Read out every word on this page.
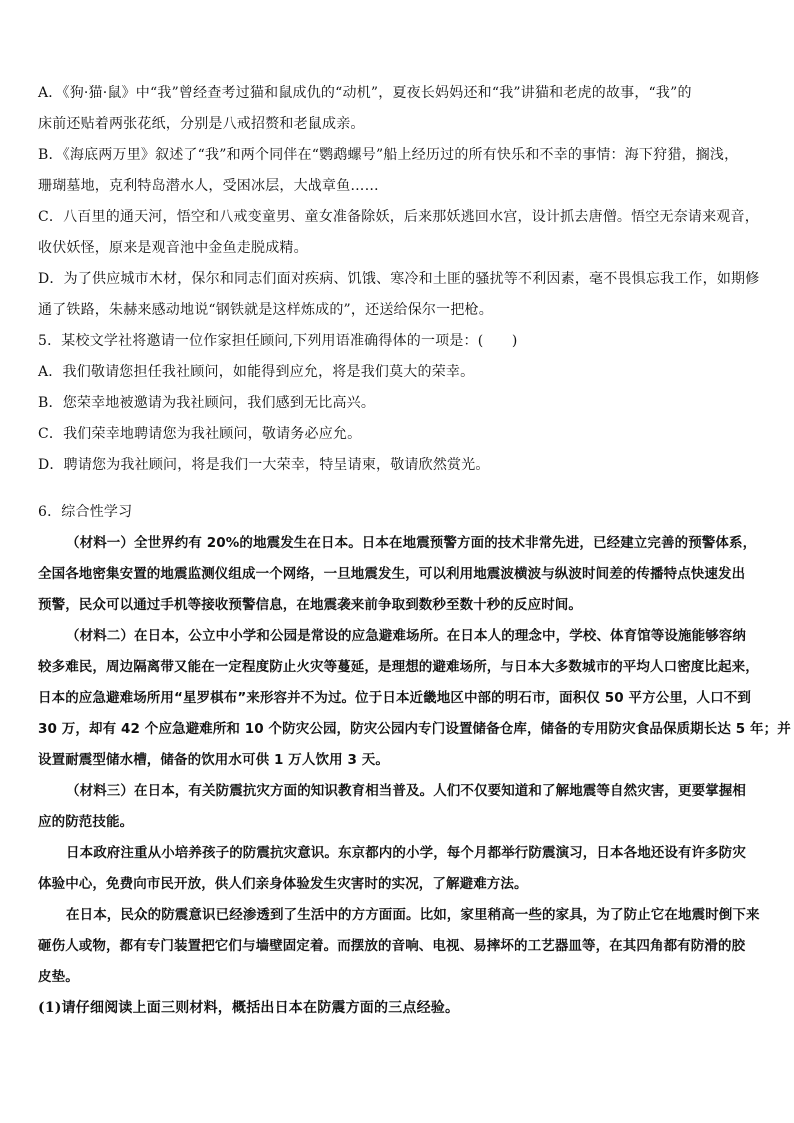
A．《狗·猫·鼠》中“我”曾经查考过猫和鼠成仇的“动机”，夏夜长妈妈还和“我”讲猫和老虎的故事，“我”的
床前还贴着两张花纸，分别是八戒招赘和老鼠成亲。
B．《海底两万里》叙述了“我”和两个同伴在“鹦鹉螺号”船上经历过的所有快乐和不幸的事情：海下狩猎，搁浅，
珊瑚墓地，克利特岛潜水人，受困冰层，大战章鱼……
C．八百里的通天河，悟空和八戒变童男、童女准备除妖，后来那妖逃回水宫，设计抓去唐僧。悟空无奈请来观音，
收伏妖怪，原来是观音池中金鱼走脱成精。
D．为了供应城市木材，保尔和同志们面对疾病、饥饿、寒冷和土匪的骚扰等不利因素，毫不畏惧忘我工作，如期修
通了铁路，朱赫来感动地说“钢铁就是这样炼成的”，还送给保尔一把枪。
5．某校文学社将邀请一位作家担任顾问,下列用语准确得体的一项是：(　　)
A．我们敬请您担任我社顾问，如能得到应允，将是我们莫大的荣幸。
B．您荣幸地被邀请为我社顾问，我们感到无比高兴。
C．我们荣幸地聘请您为我社顾问，敬请务必应允。
D．聘请您为我社顾问，将是我们一大荣幸，特呈请柬，敬请欣然赏光。
6．综合性学习
（材料一）全世界约有 20%的地震发生在日本。日本在地震预警方面的技术非常先进，已经建立完善的预警体系，
全国各地密集安置的地震监测仪组成一个网络，一旦地震发生，可以利用地震波横波与纵波时间差的传播特点快速发出
预警，民众可以通过手机等接收预警信息，在地震袭来前争取到数秒至数十秒的反应时间。
（材料二）在日本，公立中小学和公园是常设的应急避难场所。在日本人的理念中，学校、体育馆等设施能够容纳
较多难民，周边隔离带又能在一定程度防止火灾等蔓延，是理想的避难场所，与日本大多数城市的平均人口密度比起来，
日本的应急避难场所用“星罗棋布”来形容并不为过。位于日本近畿地区中部的明石市，面积仅 50 平方公里，人口不到
30 万，却有 42 个应急避难所和 10 个防灾公园，防灾公园内专门设置储备仓库，储备的专用防灾食品保质期长达 5 年；并
设置耐震型储水槽，储备的饮用水可供 1 万人饮用 3 天。
（材料三）在日本，有关防震抗灾方面的知识教育相当普及。人们不仅要知道和了解地震等自然灾害，更要掌握相
应的防范技能。
日本政府注重从小培养孩子的防震抗灾意识。东京都内的小学，每个月都举行防震演习，日本各地还设有许多防灾
体验中心，免费向市民开放，供人们亲身体验发生灾害时的实况，了解避难方法。
在日本，民众的防震意识已经渗透到了生活中的方方面面。比如，家里稍高一些的家具，为了防止它在地震时倒下来
砸伤人或物，都有专门装置把它们与墙壁固定着。而摆放的音响、电视、易摔坏的工艺器皿等，在其四角都有防滑的胶
皮垫。
(1)请仔细阅读上面三则材料，概括出日本在防震方面的三点经验。
